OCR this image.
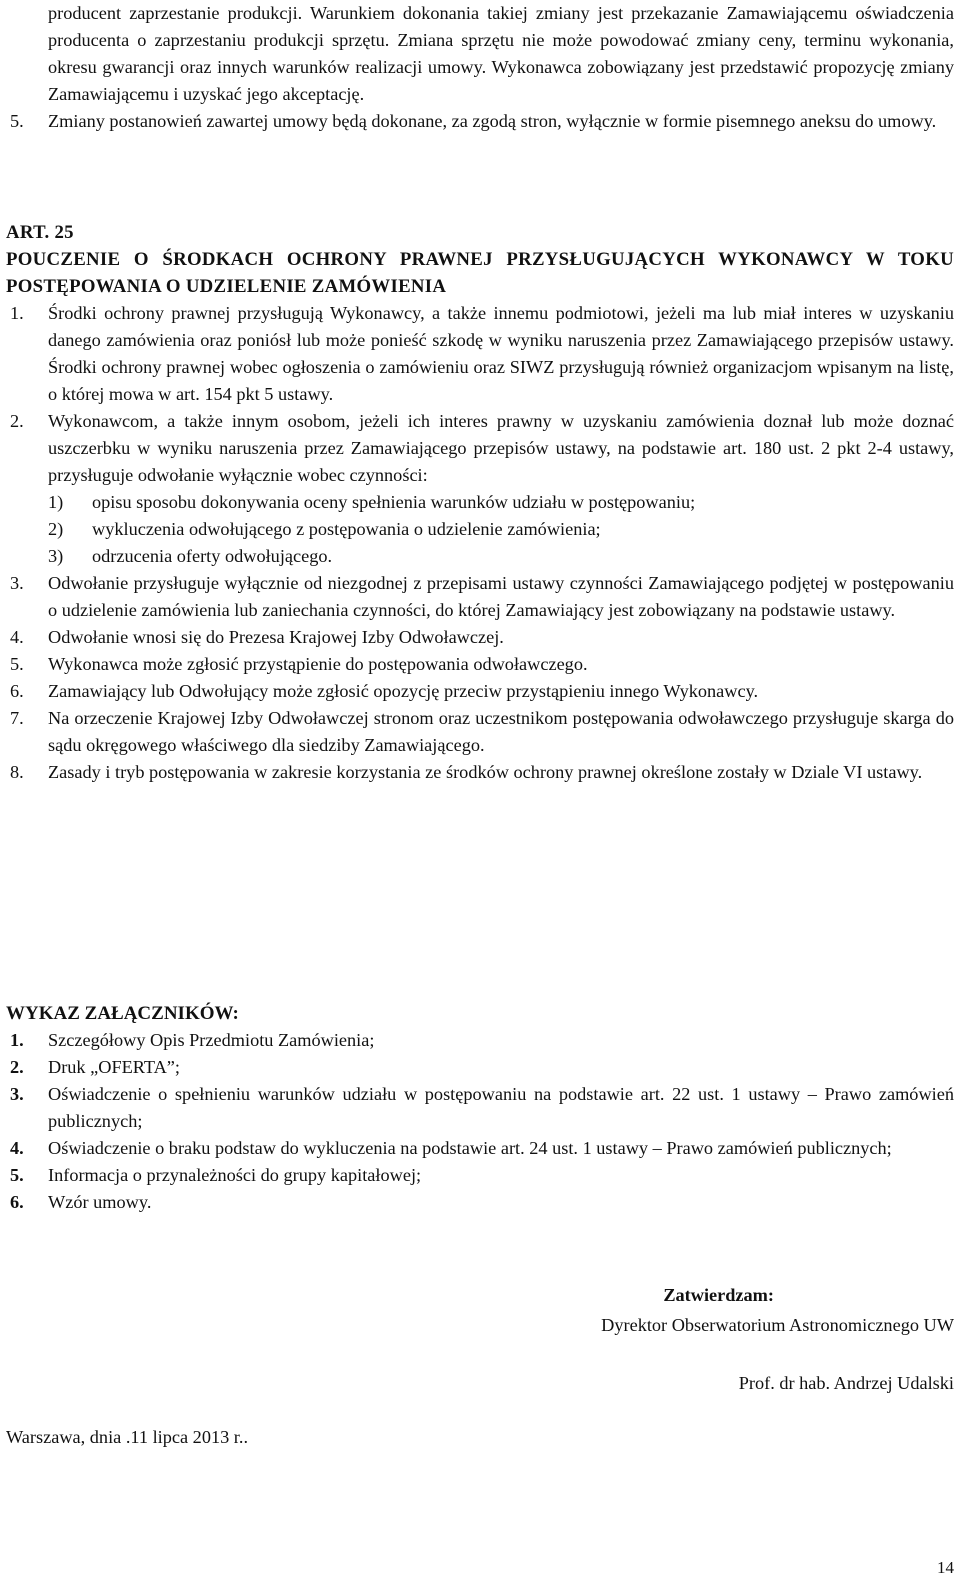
producent zaprzestanie produkcji. Warunkiem dokonania takiej zmiany jest przekazanie Zamawiającemu oświadczenia producenta o zaprzestaniu produkcji sprzętu. Zmiana sprzętu nie może powodować zmiany ceny, terminu wykonania, okresu gwarancji oraz innych warunków realizacji umowy. Wykonawca zobowiązany jest przedstawić propozycję zmiany Zamawiającemu i uzyskać jego akceptację.

5. Zmiany postanowień zawartej umowy będą dokonane, za zgodą stron, wyłącznie w formie pisemnego aneksu do umowy.

ART. 25

POUCZENIE O ŚRODKACH OCHRONY PRAWNEJ PRZYSŁUGUJĄCYCH WYKONAWCY W TOKU POSTĘPOWANIA O UDZIELENIE ZAMÓWIENIA

1. Środki ochrony prawnej przysługują Wykonawcy, a także innemu podmiotowi, jeżeli ma lub miał interes w uzyskaniu danego zamówienia oraz poniósł lub może ponieść szkodę w wyniku naruszenia przez Zamawiającego przepisów ustawy. Środki ochrony prawnej wobec ogłoszenia o zamówieniu oraz SIWZ przysługują również organizacjom wpisanym na listę, o której mowa w art. 154 pkt 5 ustawy.

2. Wykonawcom, a także innym osobom, jeżeli ich interes prawny w uzyskaniu zamówienia doznał lub może doznać uszczerbku w wyniku naruszenia przez Zamawiającego przepisów ustawy, na podstawie art. 180 ust. 2 pkt 2-4 ustawy, przysługuje odwołanie wyłącznie wobec czynności:

1) opisu sposobu dokonywania oceny spełnienia warunków udziału w postępowaniu;
2) wykluczenia odwołującego z postępowania o udzielenie zamówienia;
3) odrzucenia oferty odwołującego.

3. Odwołanie przysługuje wyłącznie od niezgodnej z przepisami ustawy czynności Zamawiającego podjętej w postępowaniu o udzielenie zamówienia lub zaniechania czynności, do której Zamawiający jest zobowiązany na podstawie ustawy.

4. Odwołanie wnosi się do Prezesa Krajowej Izby Odwoławczej.

5. Wykonawca może zgłosić przystąpienie do postępowania odwoławczego.

6. Zamawiający lub Odwołujący może zgłosić opozycję przeciw przystąpieniu innego Wykonawcy.

7. Na orzeczenie Krajowej Izby Odwoławczej stronom oraz uczestnikom postępowania odwoławczego przysługuje skarga do sądu okręgowego właściwego dla siedziby Zamawiającego.

8. Zasady i tryb postępowania w zakresie korzystania ze środków ochrony prawnej określone zostały w Dziale VI ustawy.

WYKAZ ZAŁĄCZNIKÓW:

1. Szczegółowy Opis Przedmiotu Zamówienia;

2. Druk „OFERTA”;

3. Oświadczenie o spełnieniu warunków udziału w postępowaniu na podstawie art. 22 ust. 1 ustawy – Prawo zamówień publicznych;

4. Oświadczenie o braku podstaw do wykluczenia na podstawie art. 24 ust. 1 ustawy – Prawo zamówień publicznych;

5. Informacja o przynależności do grupy kapitałowej;

6. Wzór umowy.

Zatwierdzam:

Dyrektor Obserwatorium Astronomicznego UW

Prof. dr hab. Andrzej Udalski

Warszawa, dnia .11 lipca 2013 r..

14
